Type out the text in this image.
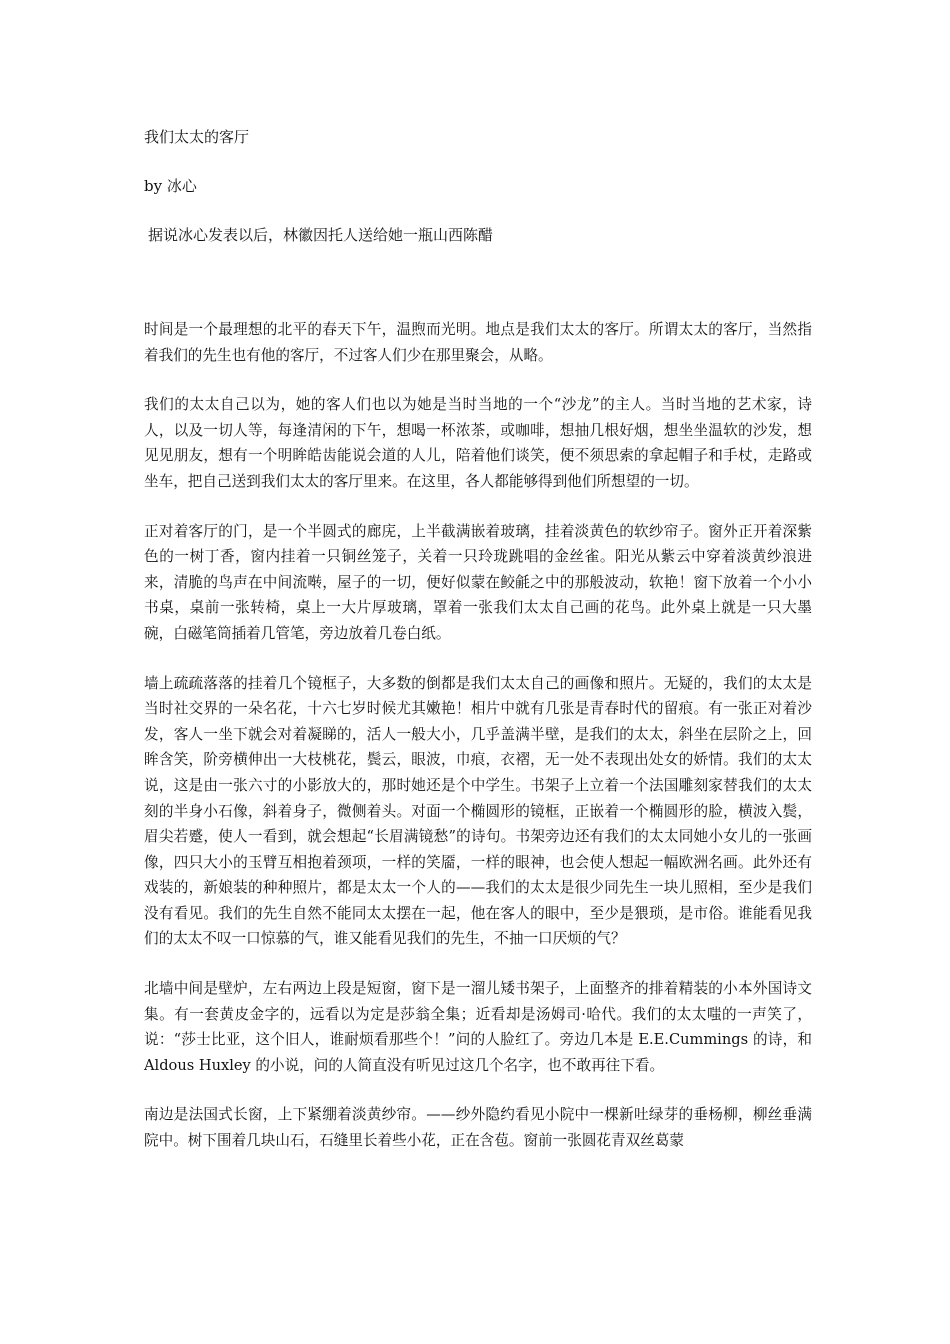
我们太太的客厅

by 冰心

据说冰心发表以后，林徽因托人送给她一瓶山西陈醋

时间是一个最理想的北平的春天下午，温煦而光明。地点是我们太太的客厅。所谓太太的客厅，当然指着我们的先生也有他的客厅，不过客人们少在那里聚会，从略。

我们的太太自己以为，她的客人们也以为她是当时当地的一个“沙龙”的主人。当时当地的艺术家，诗人，以及一切人等，每逢清闲的下午，想喝一杯浓茶，或咖啡，想抽几根好烟，想坐坐温软的沙发，想见见朋友，想有一个明眸皓齿能说会道的人儿，陪着他们谈笑，便不须思索的拿起帽子和手杖，走路或坐车，把自己送到我们太太的客厅里来。在这里，各人都能够得到他们所想望的一切。

正对着客厅的门，是一个半圆式的廊庑，上半截满嵌着玻璃，挂着淡黄色的软纱帘子。窗外正开着深紫色的一树丁香，窗内挂着一只铜丝笼子，关着一只玲珑跳唱的金丝雀。阳光从紫云中穿着淡黄纱浪进来，清脆的鸟声在中间流啭，屋子的一切，便好似蒙在鲛毹之中的那般波动，软艳！窗下放着一个小小书桌，桌前一张转椅，桌上一大片厚玻璃，罩着一张我们太太自己画的花鸟。此外桌上就是一只大墨碗，白磁笔筒插着几管笔，旁边放着几卷白纸。

墙上疏疏落落的挂着几个镜框子，大多数的倒都是我们太太自己的画像和照片。无疑的，我们的太太是当时社交界的一朵名花，十六七岁时候尤其嫩艳！相片中就有几张是青春时代的留痕。有一张正对着沙发，客人一坐下就会对着凝睇的，活人一般大小，几乎盖满半壁，是我们的太太，斜坐在层阶之上，回眸含笑，阶旁横伸出一大枝桃花，鬓云，眼波，巾痕，衣褶，无一处不表现出处女的娇情。我们的太太说，这是由一张六寸的小影放大的，那时她还是个中学生。书架子上立着一个法国雕刻家替我们的太太刻的半身小石像，斜着身子，微侧着头。对面一个椭圆形的镜框，正嵌着一个椭圆形的脸，横波入鬓，眉尖若蹙，使人一看到，就会想起“长眉满镜愁”的诗句。书架旁边还有我们的太太同她小女儿的一张画像，四只大小的玉臂互相抱着颈项，一样的笑靥，一样的眼神，也会使人想起一幅欧洲名画。此外还有戏装的，新娘装的种种照片，都是太太一个人的——我们的太太是很少同先生一块儿照相，至少是我们没有看见。我们的先生自然不能同太太摆在一起，他在客人的眼中，至少是猥琐，是市俗。谁能看见我们的太太不叹一口惊慕的气，谁又能看见我们的先生，不抽一口厌烦的气？

北墙中间是壁炉，左右两边上段是短窗，窗下是一溜儿矮书架子，上面整齐的排着精装的小本外国诗文集。有一套黄皮金字的，远看以为定是莎翁全集；近看却是汤姆司·哈代。我们的太太嗤的一声笑了，说：“莎士比亚，这个旧人，谁耐烦看那些个！”问的人脸红了。旁边几本是 E.E.Cummings 的诗，和 Aldous Huxley 的小说，问的人简直没有听见过这几个名字，也不敢再往下看。

南边是法国式长窗，上下紧绷着淡黄纱帘。——纱外隐约看见小院中一棵新吐绿芽的垂杨柳，柳丝垂满院中。树下围着几块山石，石缝里长着些小花，正在含苞。窗前一张圆花青双丝葛蒙
